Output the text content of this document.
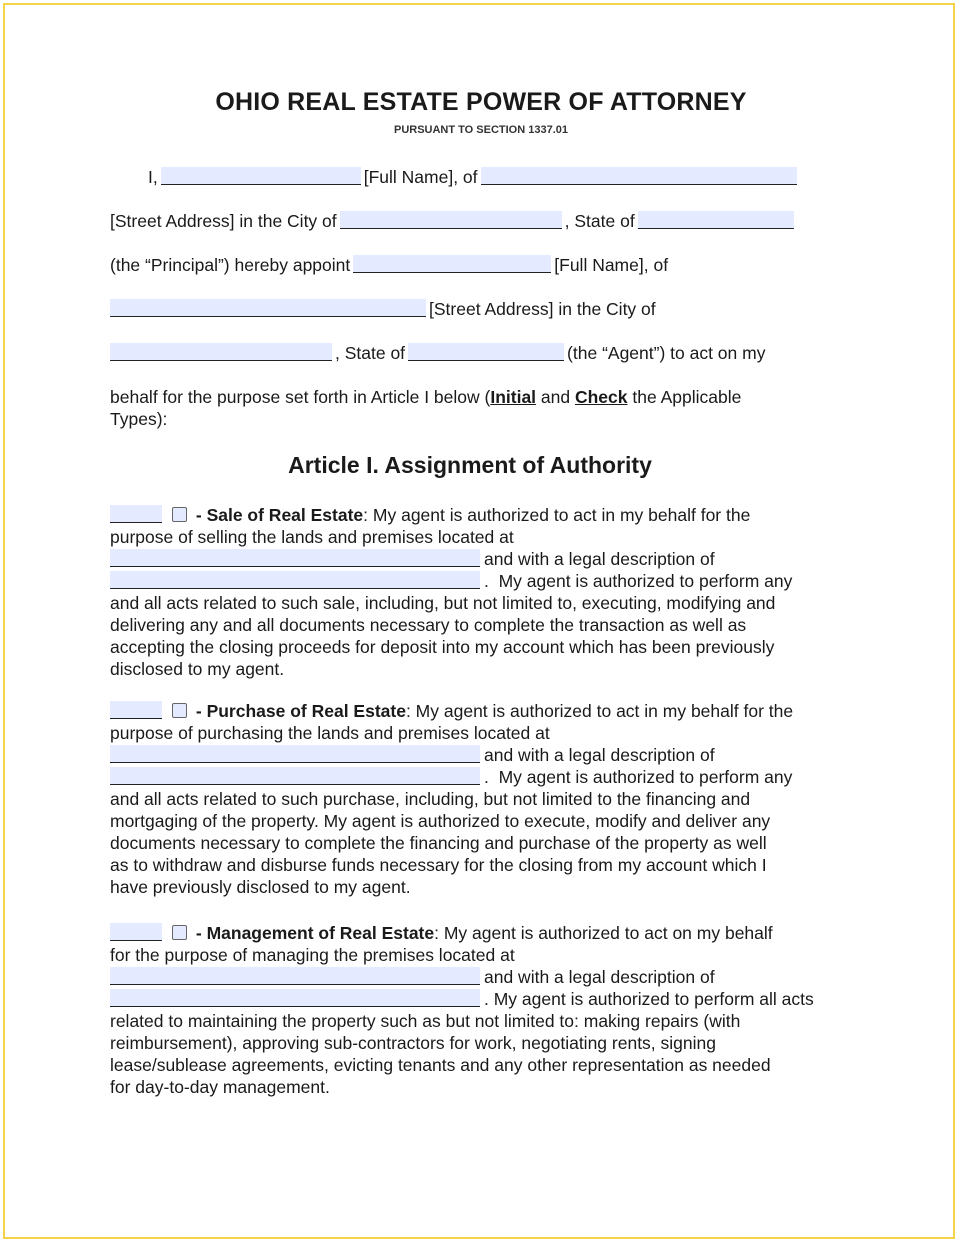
OHIO REAL ESTATE POWER OF ATTORNEY
PURSUANT TO SECTION 1337.01
I,	[Full Name], of
[Street Address] in the City of	, State of
(the “Principal”) hereby appoint	[Full Name], of
[Street Address] in the City of
, State of	(the “Agent”) to act on my
behalf for the purpose set forth in Article I below (Initial and Check the Applicable
Types):
Article I. Assignment of Authority
- Sale of Real Estate: My agent is authorized to act in my behalf for the
purpose of selling the lands and premises located at
and with a legal description of
.  My agent is authorized to perform any
and all acts related to such sale, including, but not limited to, executing, modifying and
delivering any and all documents necessary to complete the transaction as well as
accepting the closing proceeds for deposit into my account which has been previously
disclosed to my agent.
- Purchase of Real Estate: My agent is authorized to act in my behalf for the
purpose of purchasing the lands and premises located at
and with a legal description of
.  My agent is authorized to perform any
and all acts related to such purchase, including, but not limited to the financing and
mortgaging of the property. My agent is authorized to execute, modify and deliver any
documents necessary to complete the financing and purchase of the property as well
as to withdraw and disburse funds necessary for the closing from my account which I
have previously disclosed to my agent.
- Management of Real Estate: My agent is authorized to act on my behalf
for the purpose of managing the premises located at
and with a legal description of
. My agent is authorized to perform all acts
related to maintaining the property such as but not limited to: making repairs (with
reimbursement), approving sub-contractors for work, negotiating rents, signing
lease/sublease agreements, evicting tenants and any other representation as needed
for day-to-day management.
